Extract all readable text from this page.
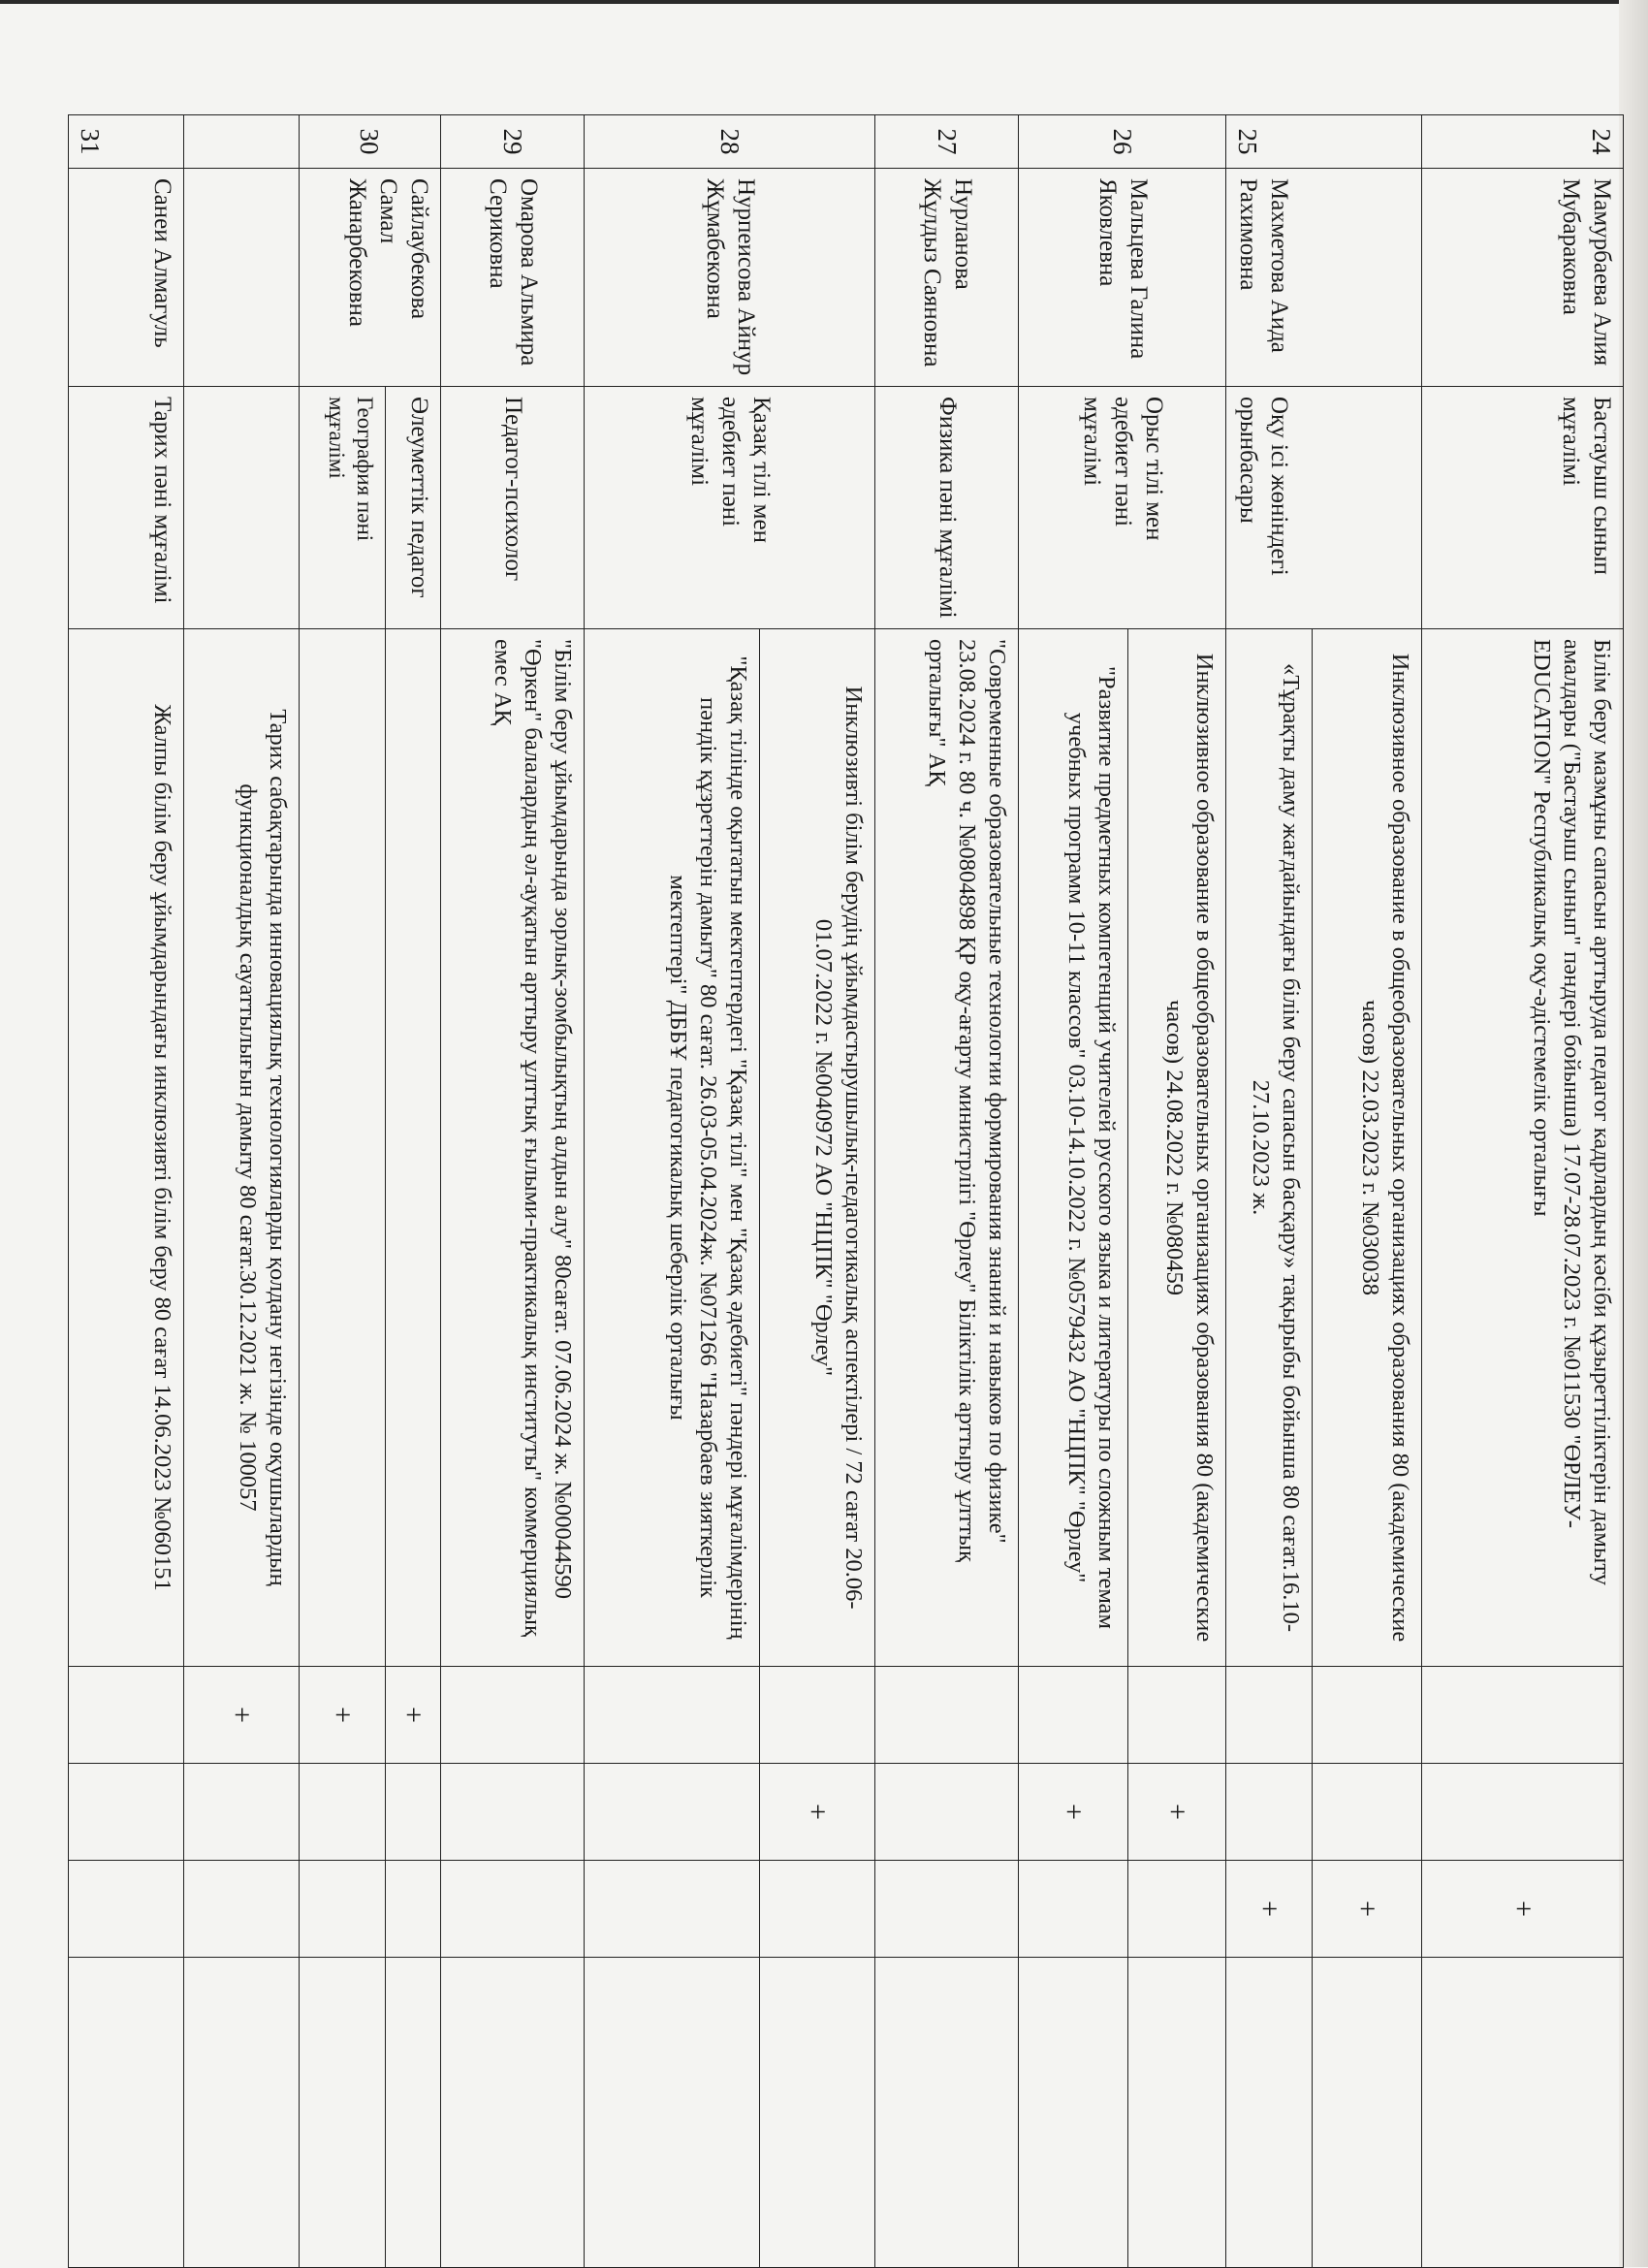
24	Мамурбаева Алия Мубараковна	Бастауыш сынып мұғалімі	Білім беру мазмұны сапасын арттыруда педагог кадрлардың кәсіби құзыреттіліктерін дамыту амалдары ("Бастауыш сынып" пәндері бойынша) 17.07-28.07.2023 г. №011530 "ӨРЛЕУ-EDUCATION" Республикалық оқу-әдістемелік орталығы			+	
25	Махметова Аида Рахимовна	Оқу ісі жөніндегі орынбасары	Инклюзивное образование в общеобразовательных организациях образования 80 (академические часов) 22.03.2023 г. №030038			+	
			«Тұрақты даму жағдайындағы білім беру сапасын басқару» тақырыбы бойынша 80 сағат.16.10-27.10.2023 ж.			+	
26	Мальцева Галина Яковлевна	Орыс тілі мен әдебиет пәні мұғалімі	Инклюзивное образование в общеобразовательных организациях образования 80 (академические часов) 24.08.2022 г. №080459		+		
			"Развитие предметных компетенций учителей русского языка и литературы по сложным темам учебных программ 10-11 классов" 03.10-14.10.2022 г. №0579432 АО "НЦПК" "Өрлеу"		+		
27	Нурланова Жұлдыз Саяновна	Физика пәні мұғалімі	"Современные образовательные технологии формирования знаний и навыков по физике" 23.08.2024 г. 80 ч. №0804898 ҚР оқу-ағарту министрлігі "Өрлеу" Біліктілік арттыру ұлттық орталығы" АҚ				
28	Нурпеисова Айнур Жұмабековна	Қазақ тілі мен әдебиет пәні мұғалімі	Инклюзивті білім берудің ұйымдастырушылық-педагогикалық аспектілері / 72 сағат 20.06-01.07.2022 г. №0040972 АО "НЦПК" "Өрлеу"		+		
			"Қазақ тілінде оқытатын мектептердегі "Қазақ тілі" мен "Қазақ әдебиеті" пәндері мұғалімдерінің пәндік құзреттерін дамыту" 80 сағат. 26.03-05.04.2024ж. №071266 "Назарбаев зияткерлік мектептері" ДББҰ педагогикалық шеберлік орталығы				
29	Омарова Альмира Сериковна	Педагог-психолог	"Білім беру ұйымдарында зорлық-зомбылықтың алдын алу" 80сағат. 07.06.2024 ж. №00044590 "Өркен" балалардың әл-ауқатын арттыру ұлттық ғылыми-практикалық институты" коммерциялық емес АҚ				
30	Сайлаубекова Самал Жанарбековна	Әлеуметтік педагог		+			
		География пәні мұғалімі		+			
			Тарих сабақтарында инновациялық технологияларды қолдану негізінде оқушылардың функционалдық сауаттылығын дамыту 80 сағат.30.12.2021 ж. № 100057	+			
31	Санеи Алмагуль	Тарих пәні мұғалімі	Жалпы білім беру ұйымдарындағы инклюзивті білім беру 80 сағат 14.06.2023 №060151				
